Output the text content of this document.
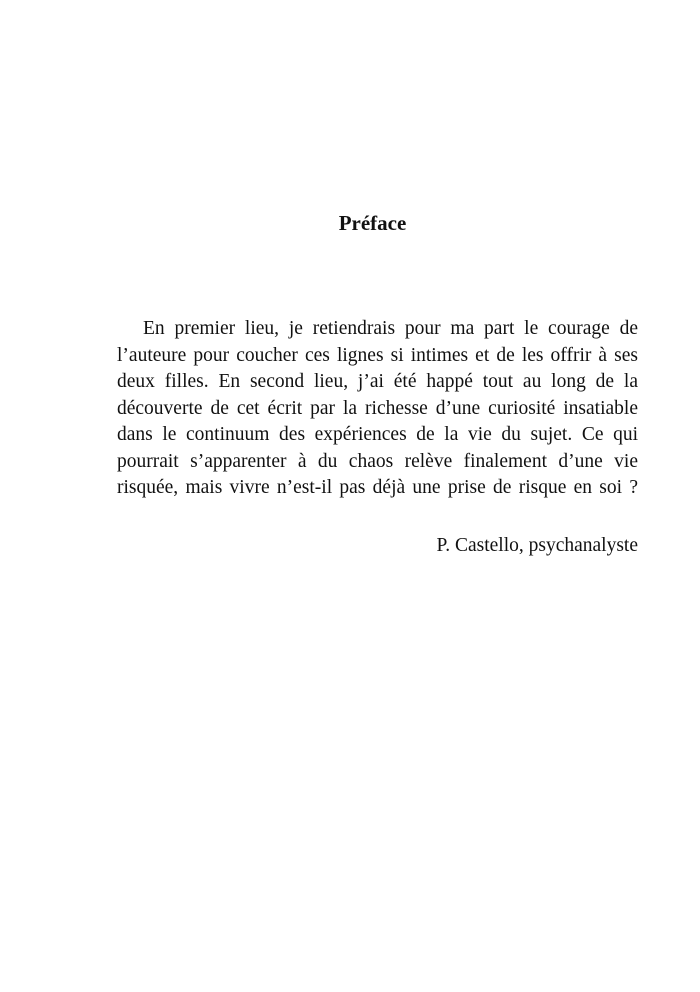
Préface
En premier lieu, je retiendrais pour ma part le courage de
l’auteure pour coucher ces lignes si intimes et de les offrir à ses
deux filles. En second lieu, j’ai été happé tout au long de la
découverte de cet écrit par la richesse d’une curiosité insatiable
dans le continuum des expériences de la vie du sujet. Ce qui
pourrait s’apparenter à du chaos relève finalement d’une vie
risquée, mais vivre n’est-il pas déjà une prise de risque en soi ?
P. Castello, psychanalyste
